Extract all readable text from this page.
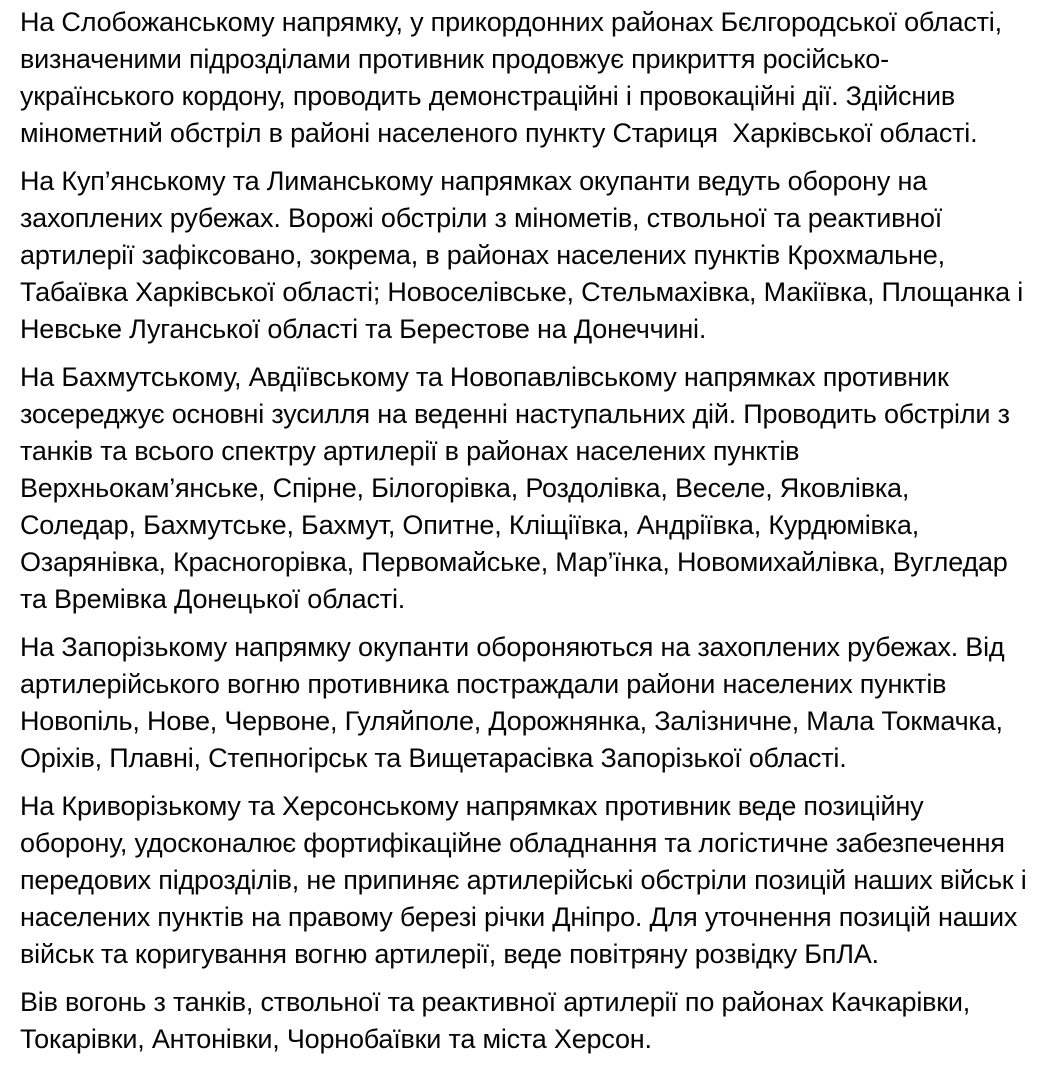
На Слобожанському напрямку, у прикордонних районах Бєлгородської області, визначеними підрозділами противник продовжує прикриття російсько-українського кордону, проводить демонстраційні і провокаційні дії. Здійснив мінометний обстріл в районі населеного пункту Стариця  Харківської області.

На Куп’янському та Лиманському напрямках окупанти ведуть оборону на захоплених рубежах. Ворожі обстріли з мінометів, ствольної та реактивної артилерії зафіксовано, зокрема, в районах населених пунктів Крохмальне, Табаївка Харківської області; Новоселівське, Стельмахівка, Макіївка, Площанка і Невське Луганської області та Берестове на Донеччині.

На Бахмутському, Авдіївському та Новопавлівському напрямках противник зосереджує основні зусилля на веденні наступальних дій. Проводить обстріли з танків та всього спектру артилерії в районах населених пунктів Верхньокам’янське, Спірне, Білогорівка, Роздолівка, Веселе, Яковлівка, Соледар, Бахмутське, Бахмут, Опитне, Кліщіївка, Андріївка, Курдюмівка, Озарянівка, Красногорівка, Первомайське, Мар’їнка, Новомихайлівка, Вугледар та Времівка Донецької області.

На Запорізькому напрямку окупанти обороняються на захоплених рубежах. Від артилерійського вогню противника постраждали райони населених пунктів Новопіль, Нове, Червоне, Гуляйполе, Дорожнянка, Залізничне, Мала Токмачка, Оріхів, Плавні, Степногірськ та Вищетарасівка Запорізької області.

На Криворізькому та Херсонському напрямках противник веде позиційну оборону, удосконалює фортифікаційне обладнання та логістичне забезпечення передових підрозділів, не припиняє артилерійські обстріли позицій наших військ і населених пунктів на правому березі річки Дніпро. Для уточнення позицій наших військ та коригування вогню артилерії, веде повітряну розвідку БпЛА.

Вів вогонь з танків, ствольної та реактивної артилерії по районах Качкарівки, Токарівки, Антонівки, Чорнобаївки та міста Херсон.
